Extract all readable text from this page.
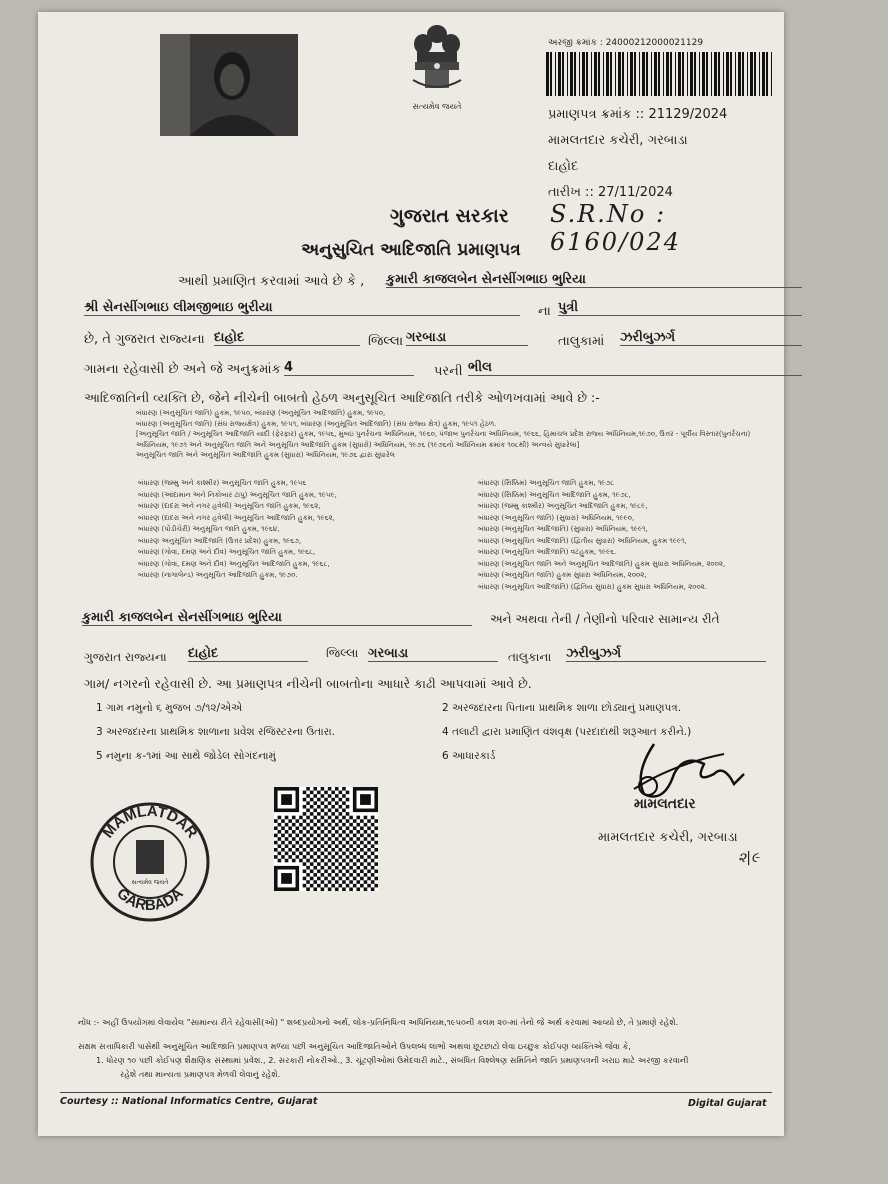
સત્યમેવ જયતે
અરજી ક્રમાંક : 24000212000021129
પ્રમાણપત્ર ક્રમાંક :: 21129/2024
મામલતદાર કચેરી, ગરબાડા
દાહોદ
તારીખ :: 27/11/2024
ગુજરાત સરકાર S.R.No : 6160/024
અનુસુચિત આદિજાતિ પ્રમાણપત્ર
આથી પ્રમાણિત કરવામાં આવે છે કે , કુમારી કાજલબેન સેનસીંગભાઇ ભુરિયા
શ્રી સેનસીંગભાઇ લીમજીભાઇ ભુરીયા	ના પુત્રી
છે, તે ગુજરાત રાજ્યના દાહોદ	જિલ્લા ગરબાડા	તાલુકામાં ઝરીબુઝર્ગ
ગામના રહેવાસી છે અને જે અનુક્રમાંક 4	પરની ભીલ
આદિજાતિની વ્યક્તિ છે, જેને નીચેની બાબતો હેઠળ અનુસૂચિત આદિજાતિ તરીકે ઓળખવામાં આવે છે :-
બંધારણ (અનુસૂચિત જાતિ) હુકમ, ૧૯૫૦, બંધારણ (અનુસૂચિત આદિજાતિ) હુકમ, ૧૯૫૦,
બંધારણ (અનુસૂચિત જાતિ) (સંઘ રાજ્યક્ષેત્ર) હુકમ, ૧૯૫૧, બંધારણ (અનુસૂચિત આદિજાતિ) (સંઘ રાજ્ય ક્ષેત્ર) હુકમ, ૧૯૫૧ હેઠળ.
[અનુસૂચિત જાતિ / અનુસૂચિત આદિજાતિ યાદી (ફેરફાર) હુકમ, ૧૯૫૬, મુંબઇ પુનર્રચના અધિનિયમ, ૧૯૬૦, પંજાબ પુનર્રચના અધિનિયમ, ૧૯૬૬, હિમાચલ પ્રદેશ રાજ્ય અધિનિયમ,૧૯૭૦, ઉત્તર - પૂર્વીય વિસ્તાર(પુનર્રચના)
અધિનિયમ, ૧૯૭૧ અને અનુસૂચિત જાતિ અને અનુસૂચિત આદિજાતિ હુકમ (સુધારો) અધિનિયમ, ૧૯૭૬ (૧૯૭૬નો અધિનિયમ ક્રમાંક ૧૦૮થી) અન્વયે સુધારેલા]
અનુસૂચિત જાતિ અને અનુસૂચિત આદિજાતિ હુકમ (સુધારા) અધિનિયમ, ૧૯૭૬ દ્વારા સુધારેલ
બંધારણ (જમ્મુ અને કાશ્મીર) અનુસૂચિત જાતિ હુકમ, ૧૯૫૬
બંધારણ (આંદામાન અને નિકોબાર ટાપુ) અનુસૂચિત જાતિ હુકમ, ૧૯૫૯,
બંધારણ (દાદરા અને નગર હવેલી) અનુસૂચિત જાતિ હુકમ, ૧૯૬૨,
બંધારણ (દાદરા અને નગર હવેલી) અનુસૂચિત આદિજાતિ હુકમ, ૧૯૬૨,
બંધારણ (પોંડીચેરી) અનુસૂચિત જાતિ હુકમ, ૧૯૬૪,
બંધારણ અનુસૂચિત આદિજાતિ (ઉત્તર પ્રદેશ) હુકમ, ૧૯૬૭,
બંધારણ (ગોવા, દમણ અને દીવ) અનુસૂચિત જાતિ હુકમ, ૧૯૬૮,
બંધારણ (ગોવા, દમણ અને દીવ) અનુસૂચિત આદિજાતિ હુકમ, ૧૯૬૮,
બંધારણ (નાગાલેન્ડ) અનુસૂચિત આદિજાતિ હુકમ, ૧૯૭૦.
બંધારણ (સિક્કિમ) અનુસૂચિત જાતિ હુકમ, ૧૯૭૮
બંધારણ (સિક્કિમ) અનુસૂચિત આદિજાતિ હુકમ, ૧૯૭૮,
બંધારણ (જમ્મુ કાશ્મીર) અનુસૂચિત આદિજાતિ હુકમ, ૧૯૮૯,
બંધારણ (અનુસૂચિત જાતિ) (સુધારા) અધિનિયમ, ૧૯૯૦,
બંધારણ (અનુસૂચિત આદિજાતિ) (સુધારા) અધિનિયમ, ૧૯૯૧,
બંધારણ (અનુસૂચિત આદિજાતિ) (દ્વિતીય સુધારા) અધિનિયમ, હુકમ ૧૯૯૧,
બંધારણ (અનુસૂચિત આદિજાતિ) વટહુકમ, ૧૯૯૬.
બંધારણ (અનુસૂચિત જાતિ અને અનુસૂચિત આદિજાતિ) હુકમ સુધારા અધિનિયમ, ૨૦૦૨,
બંધારણ (અનુસૂચિત જાતિ) હુકમ સુધારા અધિનિયમ, ૨૦૦૨,
બંધારણ (અનુસૂચિત આદિજાતિ) (દ્વિતિય સુધારા) હુકમ સુધારા અધિનિયમ, ૨૦૦૨.
કુમારી કાજલબેન સેનસીંગભાઇ ભુરિયા	અને અથવા તેની / તેણીનો પરિવાર સામાન્ય રીતે
ગુજરાત રાજ્યના દાહોદ	જિલ્લા ગરબાડા	તાલુકાના ઝરીબુઝર્ગ
ગામ/ નગરનો રહેવાસી છે. આ પ્રમાણપત્ર નીચેની બાબતોના આધારે કાઢી આપવામાં આવે છે.
1 ગામ નમુનો ૬ મુજબ ૭/૧૨/એએ	2 અરજદારના પિતાના પ્રાથમિક શાળા છોડ્યાનું પ્રમાણપત્ર.
3 અરજદારના પ્રાથમિક શાળાના પ્રવેશ રજિસ્ટરના ઉતારા.	4 તલાટી દ્વારા પ્રમાણિત વંશવૃક્ષ (પરદાદાથી શરૂઆત કરીને.)
5 નમુના ક-૧માં આ સાથે જોડેલ સોગંદનામું	6 આધારકાર્ડ
મામલતદાર
મામલતદાર કચેરી, ગરબાડા
૨|૯
MAMLATDAR
GARBADA
સત્યમેવ જયતે
નોંધ :- અહીં ઉપયોગમાં લેવાયેલ "સામાન્ય રીતે રહેવાસી(ઓ) " શબ્દપ્રયોગનો અર્થ, લોક-પ્રતિનિધિત્વ અધિનિયમ,૧૯૫૦ની કલમ ૨૦-માં તેનો જે અર્થ કરવામાં આવ્યો છે, તે પ્રમાણે રહેશે.
સક્ષમ સત્તાધિકારી પાસેથી અનુસૂચિત આદિજાતિ પ્રમાણપત્ર મળ્યા પછી અનુસૂચિત આદિજાતિઓને ઉપલબ્ધ લાભો અથવા છૂટછાટો લેવા ઇચ્છુક કોઈપણ વ્યક્તિએ જેવા કે,
1. ધોરણ ૧૦ પછી કોઈપણ શૈક્ષણિક સંસ્થામાં પ્રવેશ., 2. સરકારી નોકરીઓ., 3. ચૂંટણીઓમાં ઉમેદવારી માટે., સંબંધિત વિશ્લેષણ સમિતિને જાતિ પ્રમાણપત્રની ખરાઇ માટે અરજી કરવાની
રહેશે તથા માન્યતા પ્રમાણપત્ર મેળવી લેવાનું રહેશે.
Courtesy :: National Informatics Centre, Gujarat	Digital Gujarat
